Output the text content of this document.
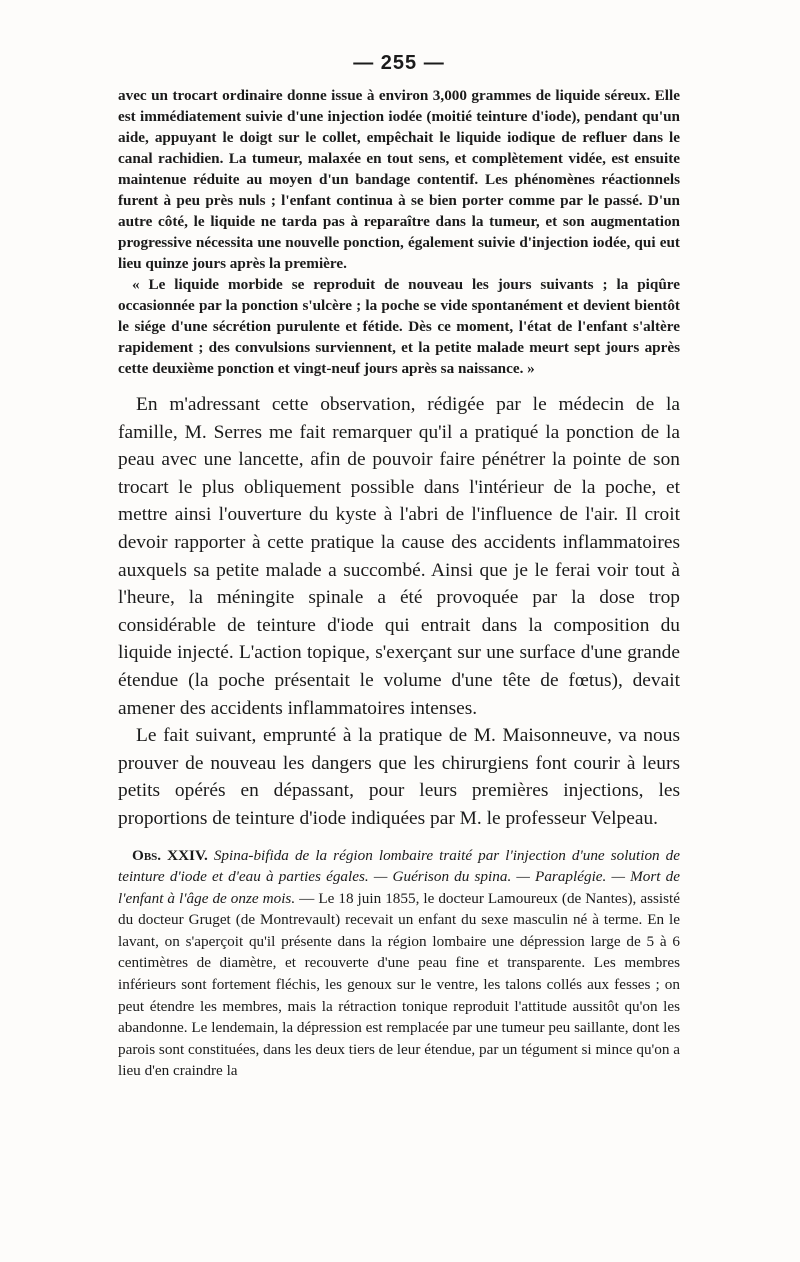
— 255 —

avec un trocart ordinaire donne issue à environ 3,000 grammes de liquide séreux. Elle est immédiatement suivie d'une injection iodée (moitié teinture d'iode), pendant qu'un aide, appuyant le doigt sur le collet, empêchait le liquide iodique de refluer dans le canal rachidien. La tumeur, malaxée en tout sens, et complètement vidée, est ensuite maintenue réduite au moyen d'un bandage contentif. Les phénomènes réactionnels furent à peu près nuls ; l'enfant continua à se bien porter comme par le passé. D'un autre côté, le liquide ne tarda pas à reparaître dans la tumeur, et son augmentation progressive nécessita une nouvelle ponction, également suivie d'injection iodée, qui eut lieu quinze jours après la première.

« Le liquide morbide se reproduit de nouveau les jours suivants ; la piqûre occasionnée par la ponction s'ulcère ; la poche se vide spontanément et devient bientôt le siége d'une sécrétion purulente et fétide. Dès ce moment, l'état de l'enfant s'altère rapidement ; des convulsions surviennent, et la petite malade meurt sept jours après cette deuxième ponction et vingt-neuf jours après sa naissance. »

En m'adressant cette observation, rédigée par le médecin de la famille, M. Serres me fait remarquer qu'il a pratiqué la ponction de la peau avec une lancette, afin de pouvoir faire pénétrer la pointe de son trocart le plus obliquement possible dans l'intérieur de la poche, et mettre ainsi l'ouverture du kyste à l'abri de l'influence de l'air. Il croit devoir rapporter à cette pratique la cause des accidents inflammatoires auxquels sa petite malade a succombé. Ainsi que je le ferai voir tout à l'heure, la méningite spinale a été provoquée par la dose trop considérable de teinture d'iode qui entrait dans la composition du liquide injecté. L'action topique, s'exerçant sur une surface d'une grande étendue (la poche présentait le volume d'une tête de fœtus), devait amener des accidents inflammatoires intenses.

Le fait suivant, emprunté à la pratique de M. Maisonneuve, va nous prouver de nouveau les dangers que les chirurgiens font courir à leurs petits opérés en dépassant, pour leurs premières injections, les proportions de teinture d'iode indiquées par M. le professeur Velpeau.

Obs. XXIV. Spina-bifida de la région lombaire traité par l'injection d'une solution de teinture d'iode et d'eau à parties égales. — Guérison du spina. — Paraplégie. — Mort de l'enfant à l'âge de onze mois. — Le 18 juin 1855, le docteur Lamoureux (de Nantes), assisté du docteur Gruget (de Montrevault) recevait un enfant du sexe masculin né à terme. En le lavant, on s'aperçoit qu'il présente dans la région lombaire une dépression large de 5 à 6 centimètres de diamètre, et recouverte d'une peau fine et transparente. Les membres inférieurs sont fortement fléchis, les genoux sur le ventre, les talons collés aux fesses ; on peut étendre les membres, mais la rétraction tonique reproduit l'attitude aussitôt qu'on les abandonne. Le lendemain, la dépression est remplacée par une tumeur peu saillante, dont les parois sont constituées, dans les deux tiers de leur étendue, par un tégument si mince qu'on a lieu d'en craindre la
